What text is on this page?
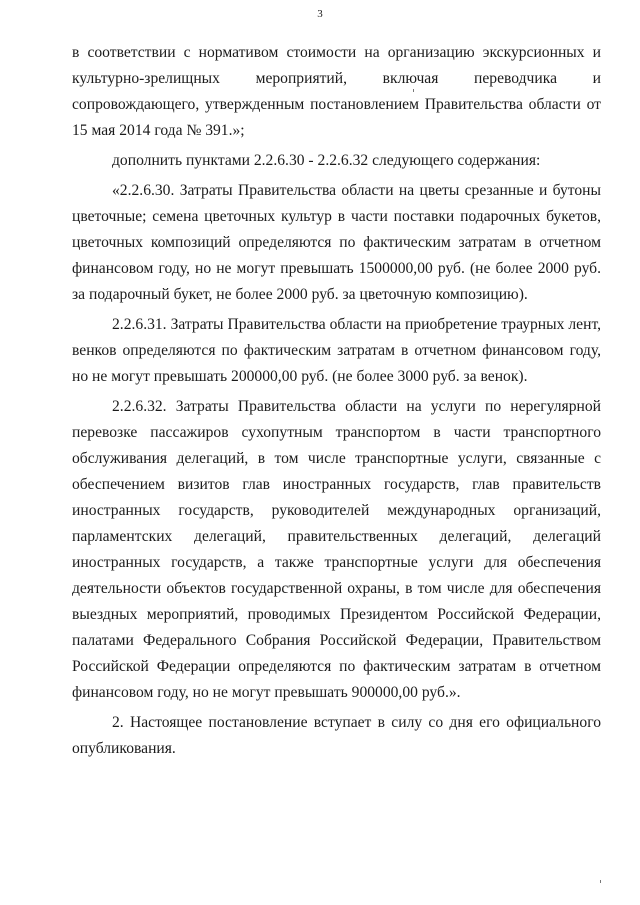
3

в соответствии с нормативом стоимости на организацию экскурсионных и культурно-зрелищных мероприятий, включая переводчика и сопровождающего, утвержденным постановлением Правительства области от 15 мая 2014 года № 391.»;

дополнить пунктами 2.2.6.30 - 2.2.6.32 следующего содержания:

«2.2.6.30. Затраты Правительства области на цветы срезанные и бутоны цветочные; семена цветочных культур в части поставки подарочных букетов, цветочных композиций определяются по фактическим затратам в отчетном финансовом году, но не могут превышать 1500000,00 руб. (не более 2000 руб. за подарочный букет, не более 2000 руб. за цветочную композицию).

2.2.6.31. Затраты Правительства области на приобретение траурных лент, венков определяются по фактическим затратам в отчетном финансовом году, но не могут превышать 200000,00 руб. (не более 3000 руб. за венок).

2.2.6.32. Затраты Правительства области на услуги по нерегулярной перевозке пассажиров сухопутным транспортом в части транспортного обслуживания делегаций, в том числе транспортные услуги, связанные с обеспечением визитов глав иностранных государств, глав правительств иностранных государств, руководителей международных организаций, парламентских делегаций, правительственных делегаций, делегаций иностранных государств, а также транспортные услуги для обеспечения деятельности объектов государственной охраны, в том числе для обеспечения выездных мероприятий, проводимых Президентом Российской Федерации, палатами Федерального Собрания Российской Федерации, Правительством Российской Федерации определяются по фактическим затратам в отчетном финансовом году, но не могут превышать 900000,00 руб.».

2. Настоящее постановление вступает в силу со дня его официального опубликования.
